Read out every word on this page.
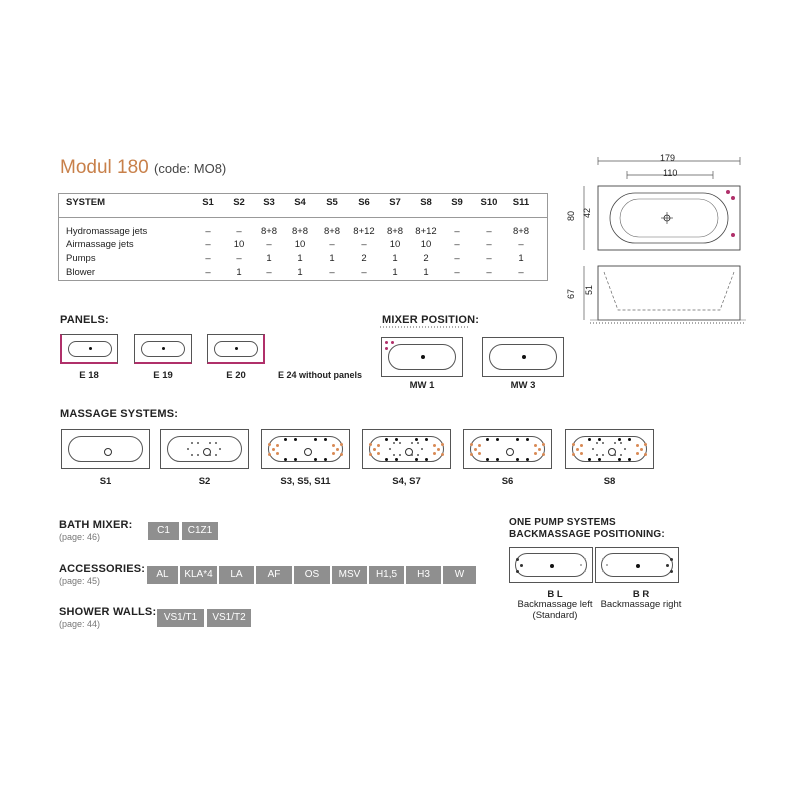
Modul 180 (code: MO8)
SYSTEM	S1	S2	S3	S4	S5	S6	S7	S8	S9	S10	S11
Hydromassage jets	–	–	8+8	8+8	8+8	8+12	8+8	8+12	–	–	8+8
Airmassage jets	–	10	–	10	–	–	10	10	–	–	–
Pumps	–	–	1	1	1	2	1	2	–	–	1
Blower	–	1	–	1	–	–	1	1	–	–	–
179
110
80 42
67 51
PANELS:
E 18	E 19	E 20	E 24 without panels
MIXER POSITION:
MW 1	MW 3
MASSAGE SYSTEMS:
S1	S2	S3, S5, S11	S4, S7	S6	S8
BATH MIXER:
(page: 46)
C1	C1Z1
ACCESSORIES:
(page: 45)
AL	KLA*4	LA	AF	OS	MSV	H1,5	H3	W
SHOWER WALLS:
(page: 44)
VS1/T1	VS1/T2
ONE PUMP SYSTEMS
BACKMASSAGE POSITIONING:
B L
Backmassage left
(Standard)
B R
Backmassage right
